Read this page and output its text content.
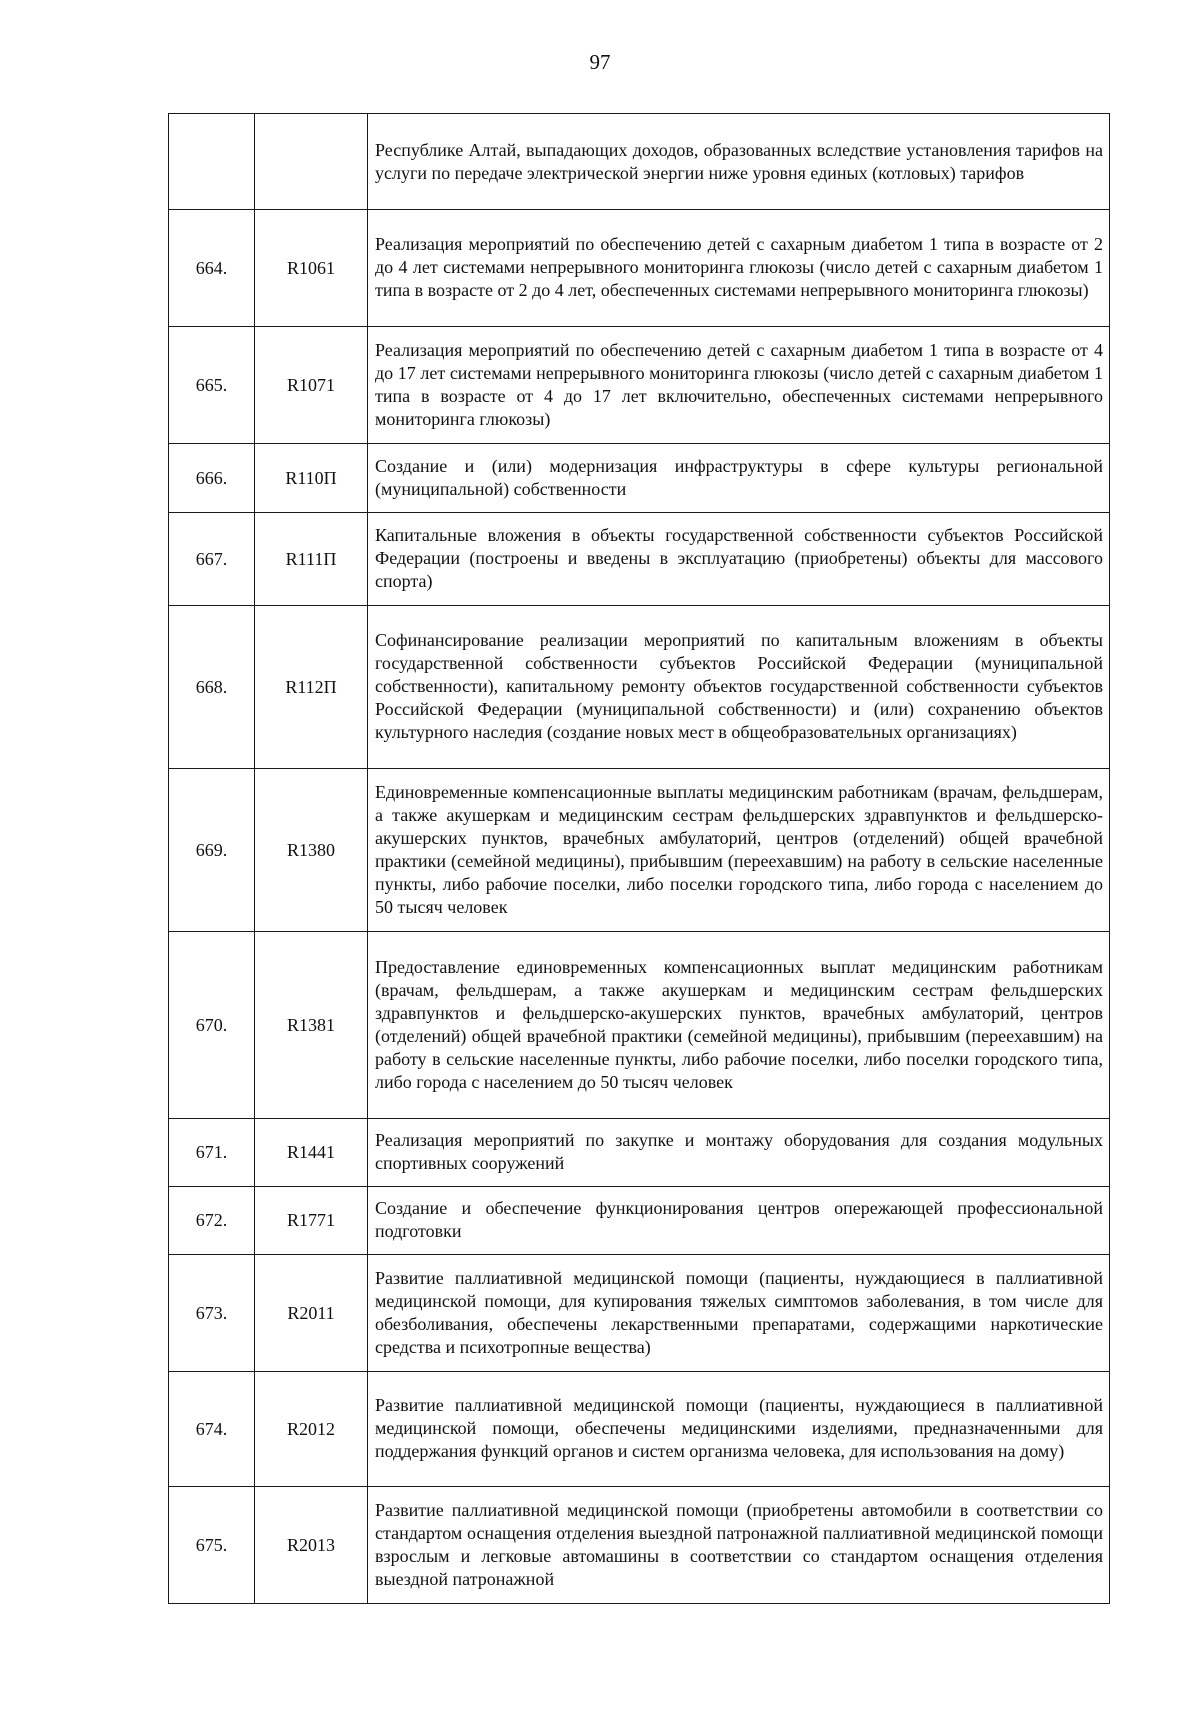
97
		Республике Алтай, выпадающих доходов, образованных вследствие установления тарифов на услуги по передаче электрической энергии ниже уровня единых (котловых) тарифов
664.	R1061	Реализация мероприятий по обеспечению детей с сахарным диабетом 1 типа в возрасте от 2 до 4 лет системами непрерывного мониторинга глюкозы (число детей с сахарным диабетом 1 типа в возрасте от 2 до 4 лет, обеспеченных системами непрерывного мониторинга глюкозы)
665.	R1071	Реализация мероприятий по обеспечению детей с сахарным диабетом 1 типа в возрасте от 4 до 17 лет системами непрерывного мониторинга глюкозы (число детей с сахарным диабетом 1 типа в возрасте от 4 до 17 лет включительно, обеспеченных системами непрерывного мониторинга глюкозы)
666.	R110П	Создание и (или) модернизация инфраструктуры в сфере культуры региональной (муниципальной) собственности
667.	R111П	Капитальные вложения в объекты государственной собственности субъектов Российской Федерации (построены и введены в эксплуатацию (приобретены) объекты для массового спорта)
668.	R112П	Софинансирование реализации мероприятий по капитальным вложениям в объекты государственной собственности субъектов Российской Федерации (муниципальной собственности), капитальному ремонту объектов государственной собственности субъектов Российской Федерации (муниципальной собственности) и (или) сохранению объектов культурного наследия (создание новых мест в общеобразовательных организациях)
669.	R1380	Единовременные компенсационные выплаты медицинским работникам (врачам, фельдшерам, а также акушеркам и медицинским сестрам фельдшерских здравпунктов и фельдшерско-акушерских пунктов, врачебных амбулаторий, центров (отделений) общей врачебной практики (семейной медицины), прибывшим (переехавшим) на работу в сельские населенные пункты, либо рабочие поселки, либо поселки городского типа, либо города с населением до 50 тысяч человек
670.	R1381	Предоставление единовременных компенсационных выплат медицинским работникам (врачам, фельдшерам, а также акушеркам и медицинским сестрам фельдшерских здравпунктов и фельдшерско-акушерских пунктов, врачебных амбулаторий, центров (отделений) общей врачебной практики (семейной медицины), прибывшим (переехавшим) на работу в сельские населенные пункты, либо рабочие поселки, либо поселки городского типа, либо города с населением до 50 тысяч человек
671.	R1441	Реализация мероприятий по закупке и монтажу оборудования для создания модульных спортивных сооружений
672.	R1771	Создание и обеспечение функционирования центров опережающей профессиональной подготовки
673.	R2011	Развитие паллиативной медицинской помощи (пациенты, нуждающиеся в паллиативной медицинской помощи, для купирования тяжелых симптомов заболевания, в том числе для обезболивания, обеспечены лекарственными препаратами, содержащими наркотические средства и психотропные вещества)
674.	R2012	Развитие паллиативной медицинской помощи (пациенты, нуждающиеся в паллиативной медицинской помощи, обеспечены медицинскими изделиями, предназначенными для поддержания функций органов и систем организма человека, для использования на дому)
675.	R2013	Развитие паллиативной медицинской помощи (приобретены автомобили в соответствии со стандартом оснащения отделения выездной патронажной паллиативной медицинской помощи взрослым и легковые автомашины в соответствии со стандартом оснащения отделения выездной патронажной
